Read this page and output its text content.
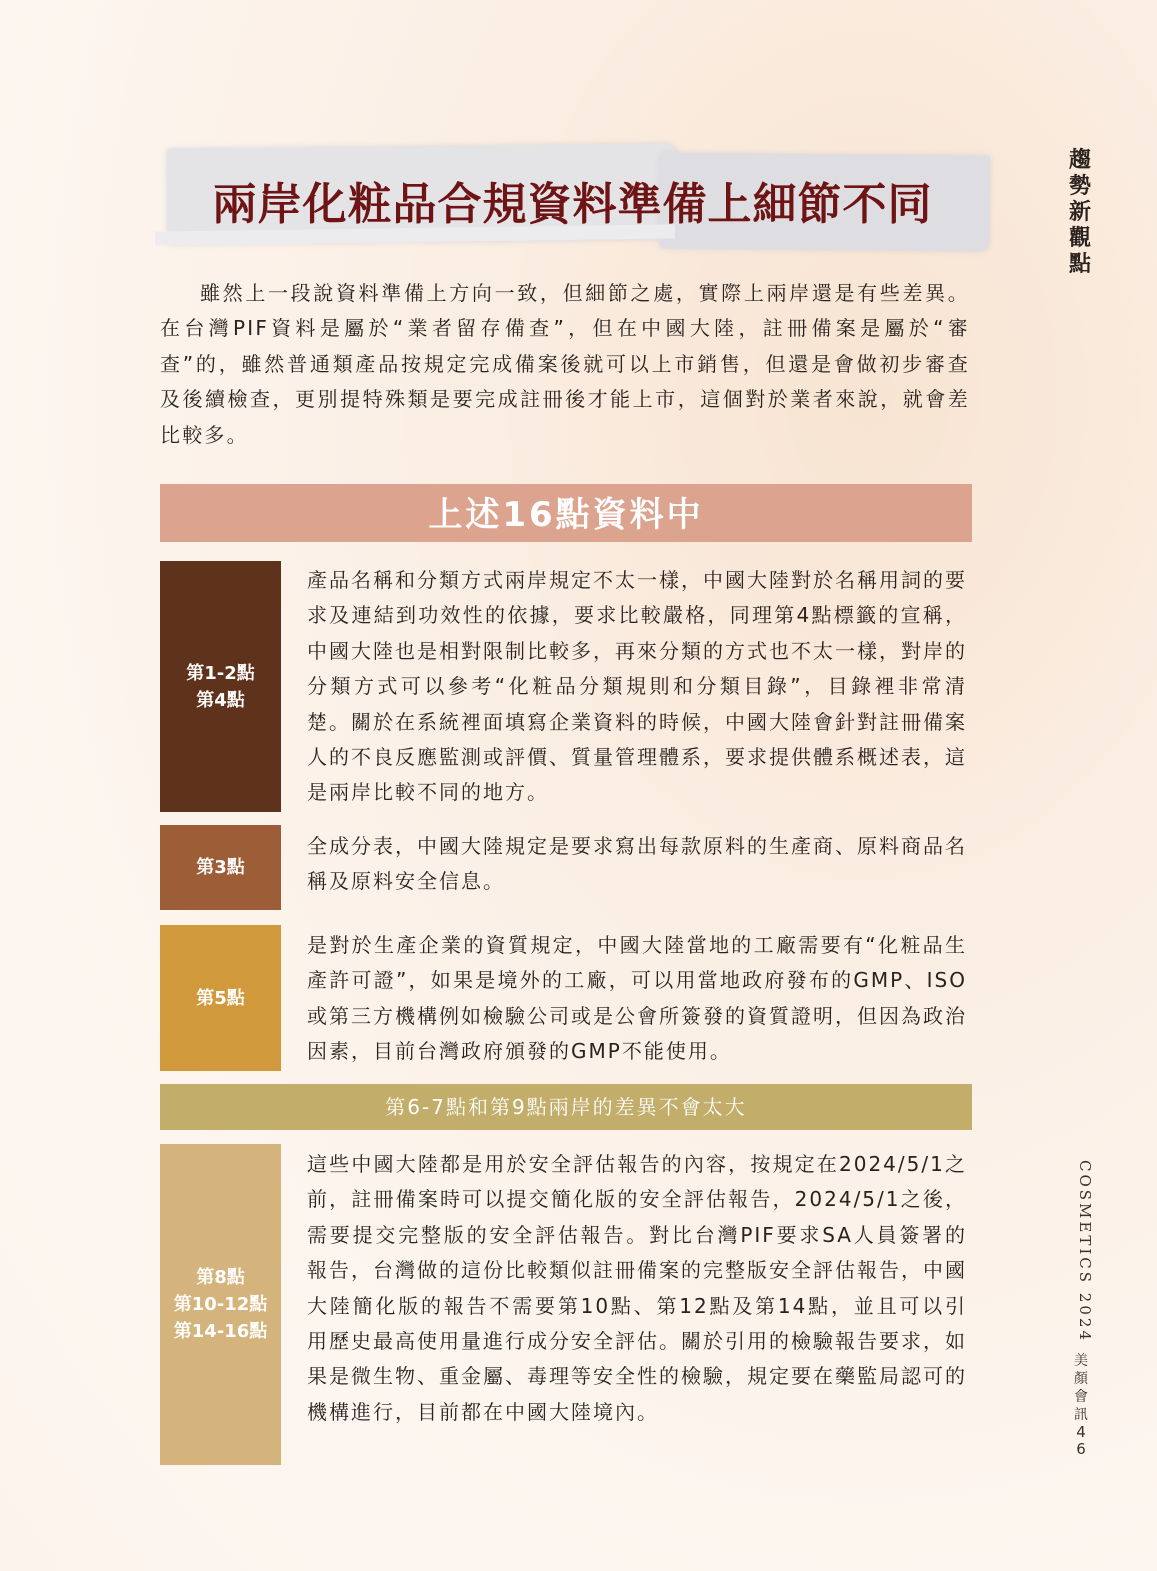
兩岸化粧品合規資料準備上細節不同
趨
勢
新
觀
點

雖然上一段說資料準備上方向一致，但細節之處，實際上兩岸還是有些差異。在台灣PIF資料是屬於“業者留存備查”，但在中國大陸，註冊備案是屬於“審查”的，雖然普通類產品按規定完成備案後就可以上市銷售，但還是會做初步審查及後續檢查，更別提特殊類是要完成註冊後才能上市，這個對於業者來說，就會差比較多。

上述16點資料中
第1-2點
第4點

產品名稱和分類方式兩岸規定不太一樣，中國大陸對於名稱用詞的要求及連結到功效性的依據，要求比較嚴格，同理第4點標籤的宣稱，中國大陸也是相對限制比較多，再來分類的方式也不太一樣，對岸的分類方式可以參考“化粧品分類規則和分類目錄”，目錄裡非常清楚。關於在系統裡面填寫企業資料的時候，中國大陸會針對註冊備案人的不良反應監測或評價、質量管理體系，要求提供體系概述表，這是兩岸比較不同的地方。

第3點

全成分表，中國大陸規定是要求寫出每款原料的生產商、原料商品名稱及原料安全信息。

第5點

是對於生產企業的資質規定，中國大陸當地的工廠需要有“化粧品生產許可證”，如果是境外的工廠，可以用當地政府發布的GMP、ISO或第三方機構例如檢驗公司或是公會所簽發的資質證明，但因為政治因素，目前台灣政府頒發的GMP不能使用。

第6-7點和第9點兩岸的差異不會太大
第8點
第10-12點
第14-16點

這些中國大陸都是用於安全評估報告的內容，按規定在2024/5/1之前，註冊備案時可以提交簡化版的安全評估報告，2024/5/1之後，需要提交完整版的安全評估報告。對比台灣PIF要求SA人員簽署的報告，台灣做的這份比較類似註冊備案的完整版安全評估報告，中國大陸簡化版的報告不需要第10點、第12點及第14點，並且可以引用歷史最高使用量進行成分安全評估。關於引用的檢驗報告要求，如果是微生物、重金屬、毒理等安全性的檢驗，規定要在藥監局認可的機構進行，目前都在中國大陸境內。

COSMETICS 2024
美
顏
會
訊
4
6
